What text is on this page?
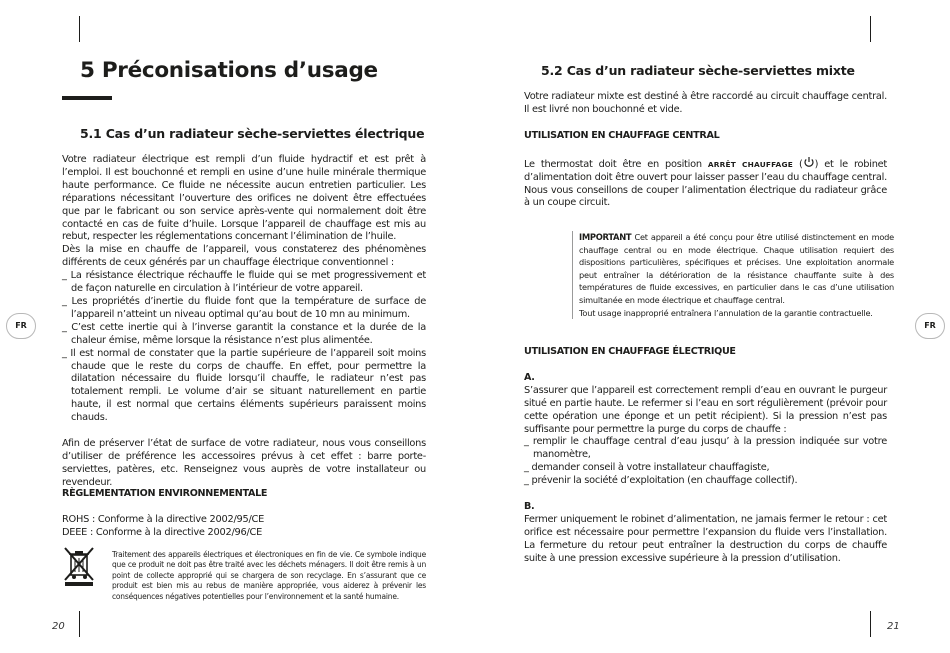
FR
20
5 Préconisations d’usage
5.1 Cas d’un radiateur sèche-serviettes électrique

Votre radiateur électrique est rempli d’un fluide hydractif et est prêt à l’emploi. Il est bouchonné et rempli en usine d’une huile minérale thermique haute performance. Ce fluide ne nécessite aucun entretien particulier. Les réparations nécessitant l’ouverture des orifices ne doivent être effectuées que par le fabricant ou son service après-vente qui normalement doit être contacté en cas de fuite d’huile. Lorsque l’appareil de chauffage est mis au rebut, respecter les réglementations concernant l’élimination de l’huile.

Dès la mise en chauffe de l’appareil, vous constaterez des phénomènes différents de ceux générés par un chauffage électrique conventionnel :

_ La résistance électrique réchauffe le fluide qui se met progressivement et de façon naturelle en circulation à l’intérieur de votre appareil.

_ Les propriétés d’inertie du fluide font que la température de surface de l’appareil n’atteint un niveau optimal qu’au bout de 10 mn au minimum.

_ C’est cette inertie qui à l’inverse garantit la constance et la durée de la chaleur émise, même lorsque la résistance n’est plus alimentée.

_ Il est normal de constater que la partie supérieure de l’appareil soit moins chaude que le reste du corps de chauffe. En effet, pour permettre la dilatation nécessaire du fluide lorsqu’il chauffe, le radiateur n’est pas totalement rempli. Le volume d’air se situant naturellement en partie haute, il est normal que certains éléments supérieurs paraissent moins chauds.

Afin de préserver l’état de surface de votre radiateur, nous vous conseillons d’utiliser de préférence les accessoires prévus à cet effet : barre porte-serviettes, patères, etc. Renseignez vous auprès de votre installateur ou revendeur.

RÈGLEMENTATION ENVIRONNEMENTALE
ROHS : Conforme à la directive 2002/95/CE
DEEE : Conforme à la directive 2002/96/CE
Traitement des appareils électriques et électroniques en fin de vie. Ce symbole indique que ce produit ne doit pas être traité avec les déchets ménagers. Il doit être remis à un point de collecte approprié qui se chargera de son recyclage. En s’assurant que ce produit est bien mis au rebus de manière appropriée, vous aiderez à prévenir les conséquences négatives potentielles pour l’environnement et la santé humaine.
FR
21
5.2 Cas d’un radiateur sèche-serviettes mixte

Votre radiateur mixte est destiné à être raccordé au circuit chauffage central. Il est livré non bouchonné et vide.

UTILISATION EN CHAUFFAGE CENTRAL

Le thermostat doit être en position ARRÊT CHAUFFAGE ( ) et le robinet d’alimentation doit être ouvert pour laisser passer l’eau du chauffage central. Nous vous conseillons de couper l’alimentation électrique du radiateur grâce à un coupe circuit.

IMPORTANT Cet appareil a été conçu pour être utilisé distinctement en mode chauffage central ou en mode électrique. Chaque utilisation requiert des dispositions particulières, spécifiques et précises. Une exploitation anormale peut entraîner la détérioration de la résistance chauffante suite à des températures de fluide excessives, en particulier dans le cas d’une utilisation simultanée en mode électrique et chauffage central.

Tout usage inapproprié entraînera l’annulation de la garantie contractuelle.

UTILISATION EN CHAUFFAGE ÉLECTRIQUE

A.

S’assurer que l’appareil est correctement rempli d’eau en ouvrant le purgeur situé en partie haute. Le refermer si l’eau en sort régulièrement (prévoir pour cette opération une éponge et un petit récipient). Si la pression n’est pas suffisante pour permettre la purge du corps de chauffe :

_ remplir le chauffage central d’eau jusqu’ à la pression indiquée sur votre manomètre,

_ demander conseil à votre installateur chauffagiste,

_ prévenir la société d’exploitation (en chauffage collectif).

B.

Fermer uniquement le robinet d’alimentation, ne jamais fermer le retour : cet orifice est nécessaire pour permettre l’expansion du fluide vers l’installation. La fermeture du retour peut entraîner la destruction du corps de chauffe suite à une pression excessive supérieure à la pression d’utilisation.
